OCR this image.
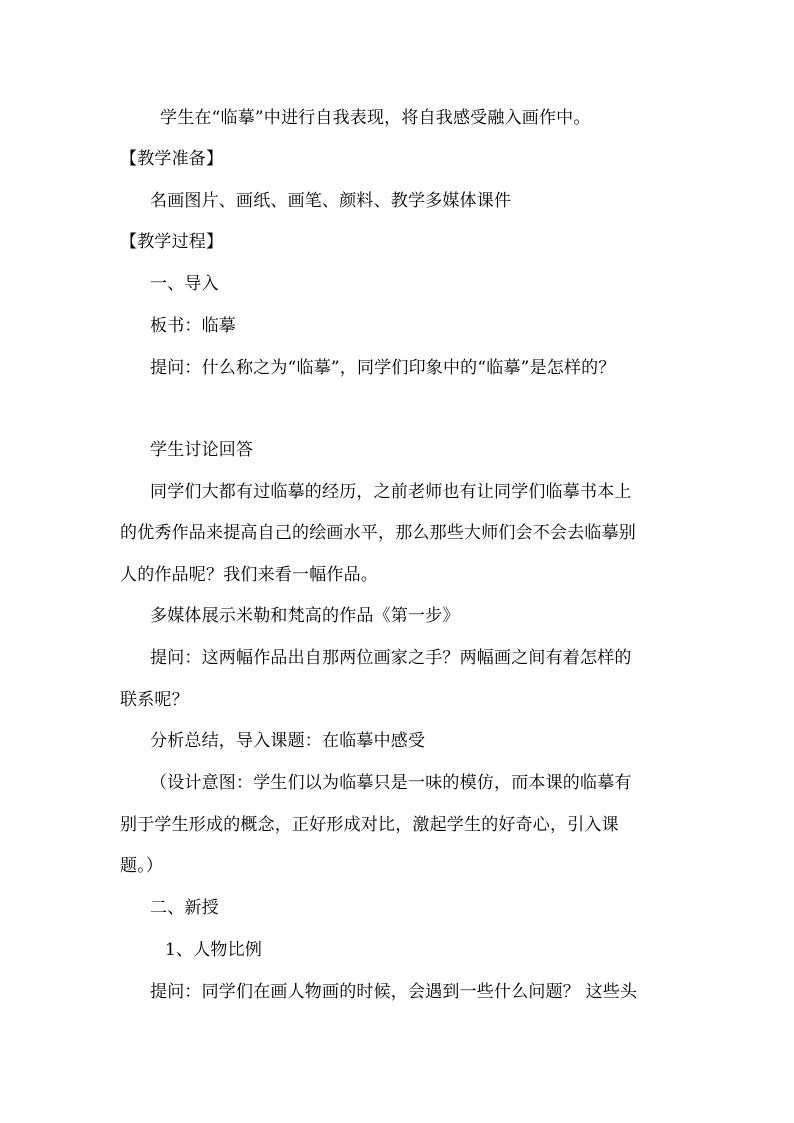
学生在“临摹”中进行自我表现，将自我感受融入画作中。
【教学准备】
名画图片、画纸、画笔、颜料、教学多媒体课件
【教学过程】
一、导入
板书：临摹
提问：什么称之为“临摹”，同学们印象中的“临摹”是怎样的？
学生讨论回答
同学们大都有过临摹的经历，之前老师也有让同学们临摹书本上
的优秀作品来提高自己的绘画水平，那么那些大师们会不会去临摹别
人的作品呢？我们来看一幅作品。
多媒体展示米勒和梵高的作品《第一步》
提问：这两幅作品出自那两位画家之手？两幅画之间有着怎样的
联系呢？
分析总结，导入课题：在临摹中感受
（设计意图：学生们以为临摹只是一味的模仿，而本课的临摹有
别于学生形成的概念，正好形成对比，激起学生的好奇心，引入课
题。）
二、新授
1、人物比例
提问：同学们在画人物画的时候，会遇到一些什么问题？ 这些头
